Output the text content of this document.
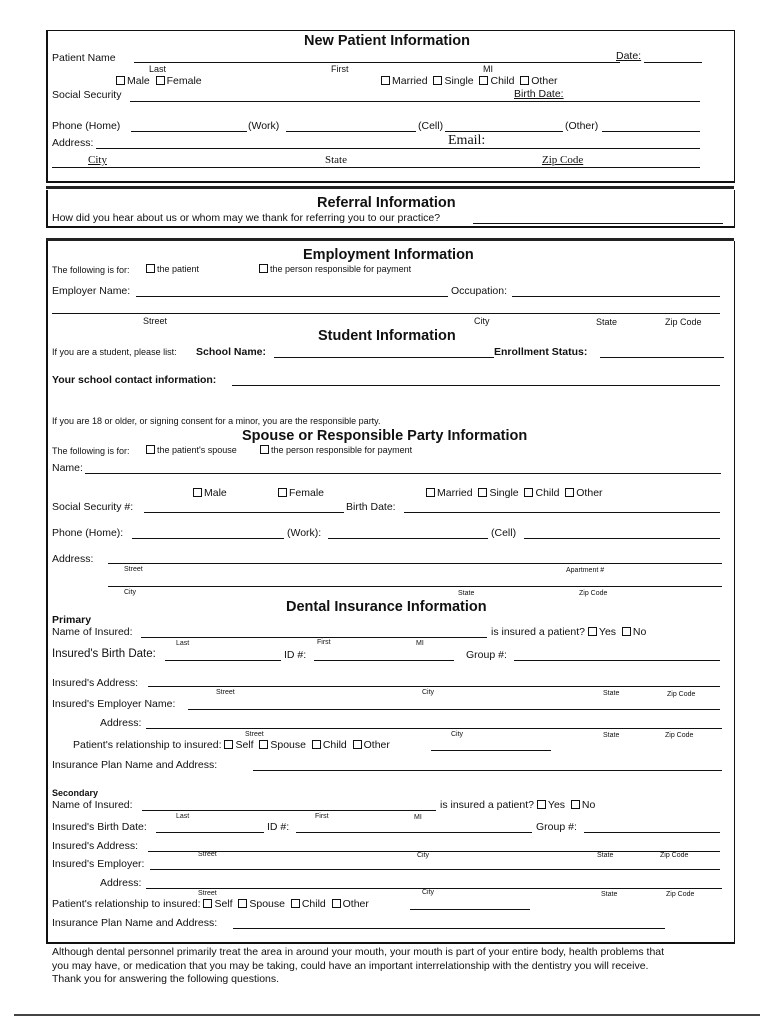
New Patient Information
Patient Name	Date:
Last	First	MI
Male Female	Married Single Child Other
Social Security	Birth Date:
Phone (Home)	(Work)	(Cell)	(Other)
Address:	Email:
City	State	Zip Code
Referral Information
How did you hear about us or whom may we thank for referring you to our practice?
Employment Information
The following is for:	the patient	the person responsible for payment
Employer Name:	Occupation:
Street	City	State	Zip Code
Student Information
If you are a student, please list: School Name:	Enrollment Status:
Your school contact information:
If you are 18 or older, or signing consent for a minor, you are the responsible party.
Spouse or Responsible Party Information
The following is for:	the patient's spouse	the person responsible for payment
Name:
Male	Female	Married Single Child Other
Social Security #:	Birth Date:
Phone (Home):	(Work):	(Cell)
Address:
Street	Apartment #
City	State	Zip Code
Dental Insurance Information
Primary
Name of Insured:
Last	First	MI
is insured a patient? Yes No
Insured's Birth Date:	ID #:	Group #:
Insured's Address:
Street	City	State	Zip Code
Insured's Employer Name:
Address:
Street	City	State	Zip Code
Patient's relationship to insured: Self Spouse Child Other
Insurance Plan Name and Address:
Secondary
Name of Insured:
Last	First	MI
is insured a patient? Yes No
Insured's Birth Date:	ID #:	Group #:
Insured's Address:
Street	City	State	Zip Code
Insured's Employer:
Address:
Street	City	State	Zip Code
Patient's relationship to insured: Self Spouse Child Other
Insurance Plan Name and Address:
Although dental personnel primarily treat the area in around your mouth, your mouth is part of your entire body, health problems that
you may have, or medication that you may be taking, could have an important interrelationship with the dentistry you will receive.
Thank you for answering the following questions.
